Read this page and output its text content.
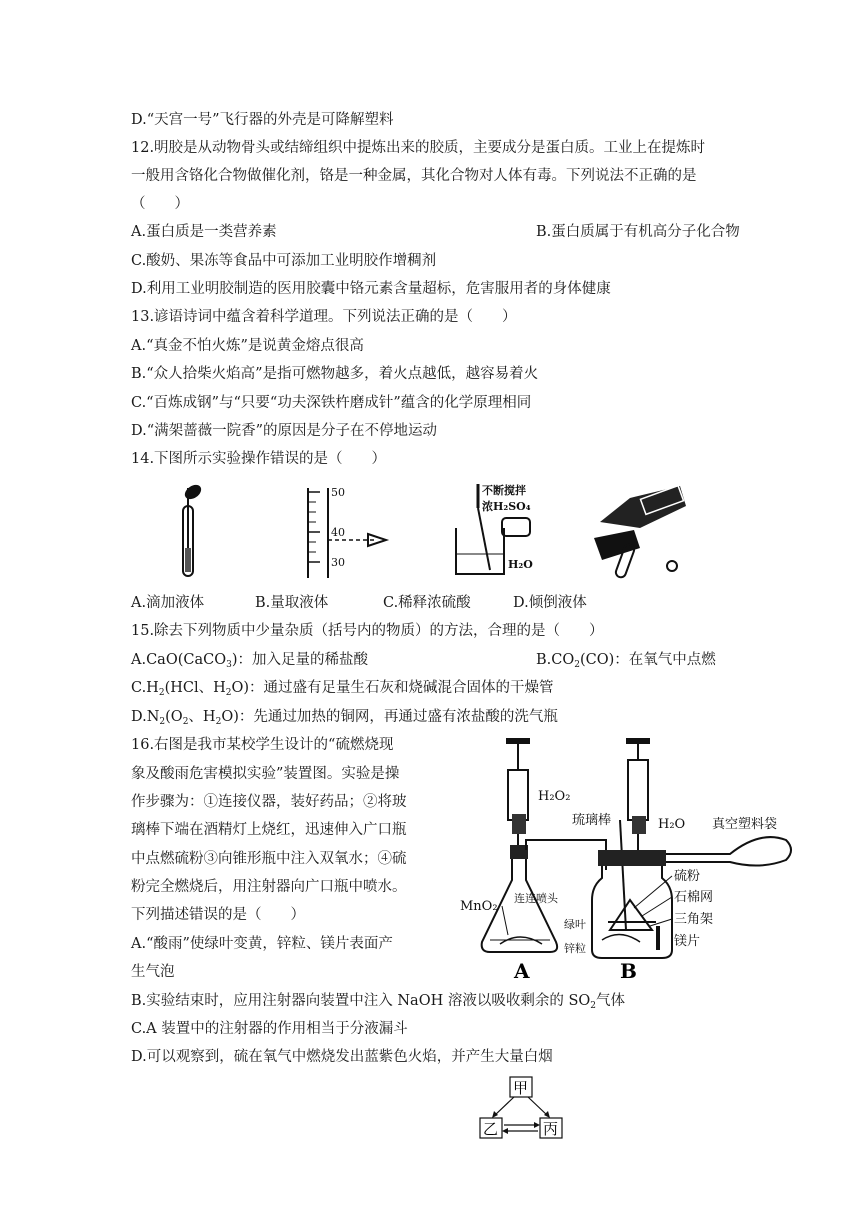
D.“天宫一号”飞行器的外壳是可降解塑料
12.明胶是从动物骨头或结缔组织中提炼出来的胶质，主要成分是蛋白质。工业上在提炼时
一般用含铬化合物做催化剂，铬是一种金属，其化合物对人体有毒。下列说法不正确的是
（　　）
A.蛋白质是一类营养素	B.蛋白质属于有机高分子化合物
C.酸奶、果冻等食品中可添加工业明胶作增稠剂
D.利用工业明胶制造的医用胶囊中铬元素含量超标，危害服用者的身体健康
13.谚语诗词中蕴含着科学道理。下列说法正确的是（　　）
A.“真金不怕火炼”是说黄金熔点很高
B.“众人拾柴火焰高”是指可燃物越多，着火点越低，越容易着火
C.“百炼成钢”与“只要“功夫深铁杵磨成针”蕴含的化学原理相同
D.“满架蔷薇一院香”的原因是分子在不停地运动
14.下图所示实验操作错误的是（　　）
50
40
30
不断搅拌
浓H₂SO₄
H₂O
A.滴加液体	B.量取液体	C.稀释浓硫酸	D.倾倒液体
15.除去下列物质中少量杂质（括号内的物质）的方法，合理的是（　　）
A.CaO(CaCO$_3$)：加入足量的稀盐酸	$B.CO_2(CO)$：在氧气中点燃
$C.H_2(HCl$、$H_2O$)：通过盛有足量生石灰和烧碱混合固体的干燥管
$D.N_2(O_2$、$H_2O$)：先通过加热的铜网，再通过盛有浓盐酸的洗气瓶
16.右图是我市某校学生设计的“硫燃烧现
象及酸雨危害模拟实验”装置图。实验是操
作步骤为：①连接仪器，装好药品；②将玻
璃棒下端在酒精灯上烧红，迅速伸入广口瓶
中点燃硫粉③向锥形瓶中注入双氧水；④硫
粉完全燃烧后，用注射器向广口瓶中喷水。
下列描述错误的是（　　）
A.“酸雨”使绿叶变黄，锌粒、镁片表面产
生气泡
B.实验结束时，应用注射器向装置中注入 NaOH 溶液以吸收剩余的 $SO_2$气体
C.A 装置中的注射器的作用相当于分液漏斗
D.可以观察到，硫在氧气中燃烧发出蓝紫色火焰，并产生大量白烟
H₂O₂
MnO₂
连连喷头
琉璃棒	H₂O 真空塑料袋
硫粉
石棉网
三角架
镁片
绿叶
锌粒
A	B
甲
乙	丙
